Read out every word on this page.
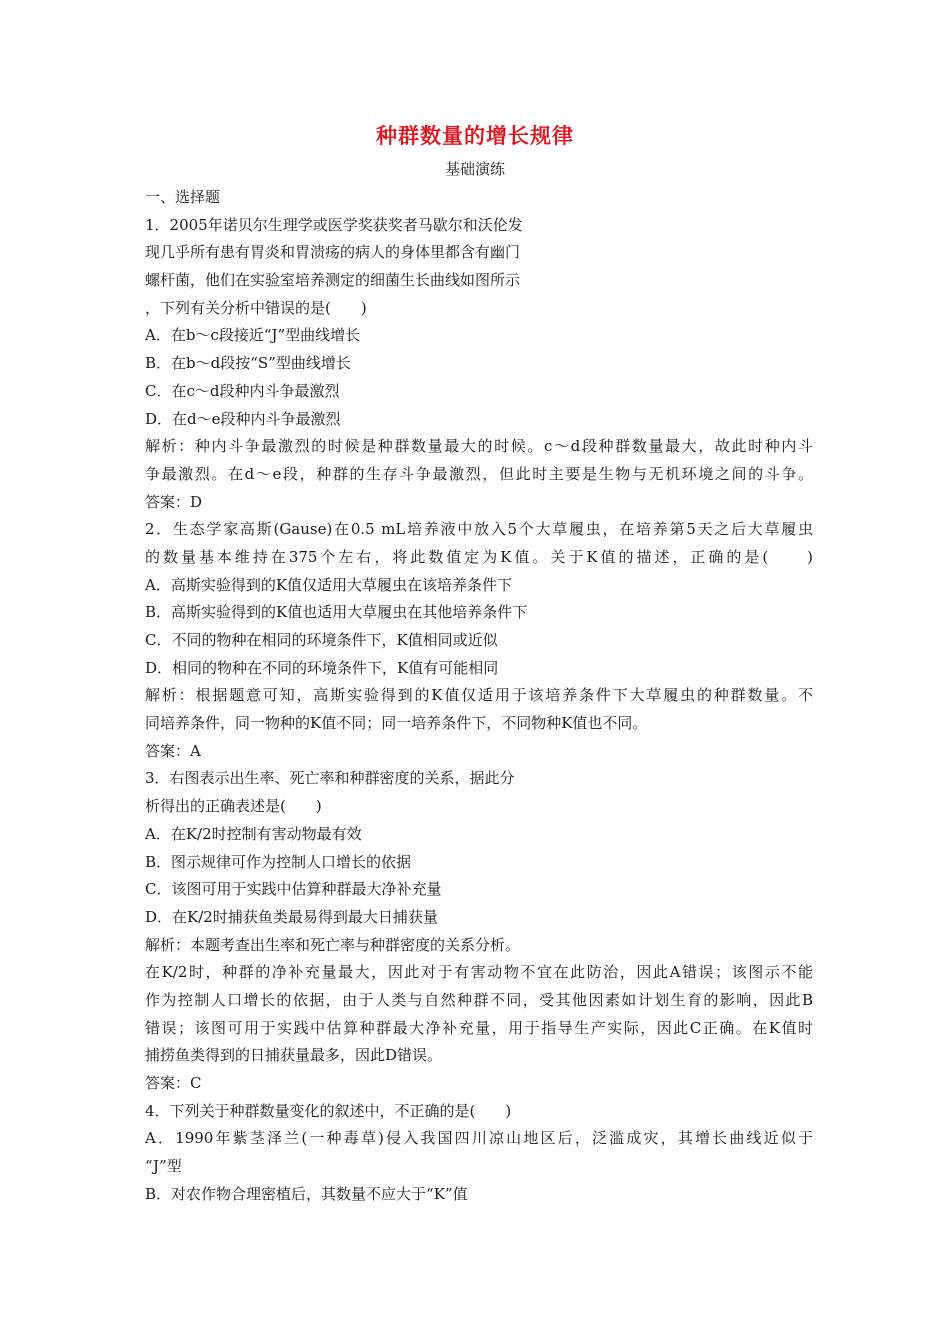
种群数量的增长规律
基础演练
一、选择题
1．2005年诺贝尔生理学或医学奖获奖者马歇尔和沃伦发
现几乎所有患有胃炎和胃溃疡的病人的身体里都含有幽门
螺杆菌，他们在实验室培养测定的细菌生长曲线如图所示
，下列有关分析中错误的是(　　)
A．在b～c段接近“J”型曲线增长
B．在b～d段按“S”型曲线增长
C．在c～d段种内斗争最激烈
D．在d～e段种内斗争最激烈
解析：种内斗争最激烈的时候是种群数量最大的时候。c～d段种群数量最大，故此时种内斗
争最激烈。在d～e段，种群的生存斗争最激烈，但此时主要是生物与无机环境之间的斗争。
答案：D
2．生态学家高斯(Gause)在0.5 mL培养液中放入5个大草履虫，在培养第5天之后大草履虫
的数量基本维持在375个左右，将此数值定为K值。关于K值的描述，正确的是(　　)
A．高斯实验得到的K值仅适用大草履虫在该培养条件下
B．高斯实验得到的K值也适用大草履虫在其他培养条件下
C．不同的物种在相同的环境条件下，K值相同或近似
D．相同的物种在不同的环境条件下，K值有可能相同
解析：根据题意可知，高斯实验得到的K值仅适用于该培养条件下大草履虫的种群数量。不
同培养条件，同一物种的K值不同；同一培养条件下，不同物种K值也不同。
答案：A
3．右图表示出生率、死亡率和种群密度的关系，据此分
析得出的正确表述是(　　)
A．在K/2时控制有害动物最有效
B．图示规律可作为控制人口增长的依据
C．该图可用于实践中估算种群最大净补充量
D．在K/2时捕获鱼类最易得到最大日捕获量
解析：本题考查出生率和死亡率与种群密度的关系分析。
在K/2时，种群的净补充量最大，因此对于有害动物不宜在此防治，因此A错误；该图示不能
作为控制人口增长的依据，由于人类与自然种群不同，受其他因素如计划生育的影响，因此B
错误；该图可用于实践中估算种群最大净补充量，用于指导生产实际，因此C正确。在K值时
捕捞鱼类得到的日捕获量最多，因此D错误。
答案：C
4．下列关于种群数量变化的叙述中，不正确的是(　　)
A．1990年紫茎泽兰(一种毒草)侵入我国四川凉山地区后，泛滥成灾，其增长曲线近似于
“J”型
B．对农作物合理密植后，其数量不应大于“K”值
